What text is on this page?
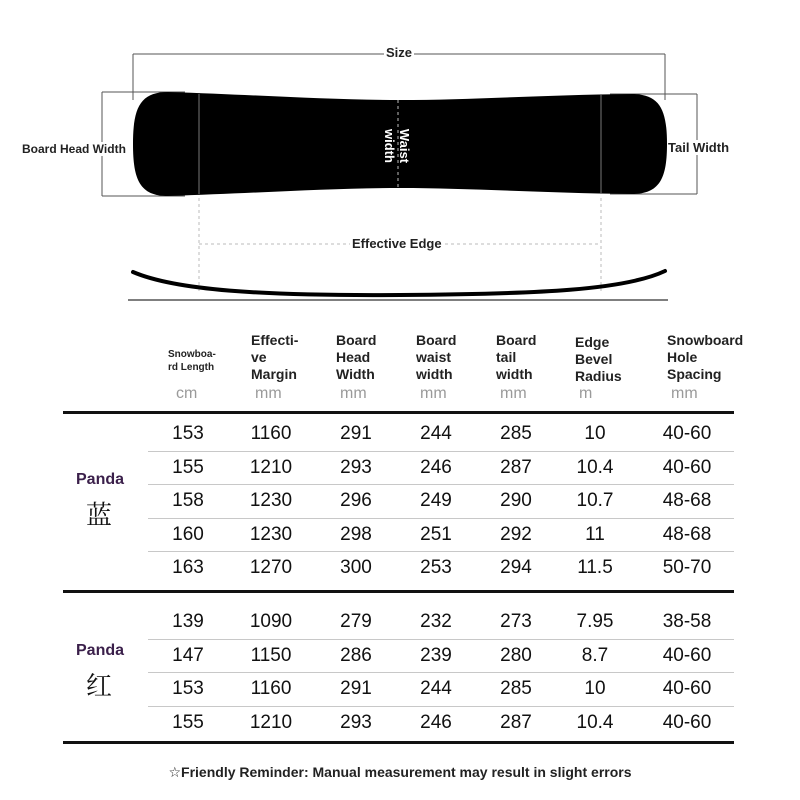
Size
Board Head Width	Tail Width
Waist
width
Effective Edge
Snowboa-
rd Length
cm
Effecti-
ve
Margin
mm
Board
Head
Width
mm
Board
waist
width
mm
Board
tail
width
mm
Edge
Bevel
Radius
m
Snowboard
Hole
Spacing
mm
Panda
蓝
153	1160	291	244	285	10	40-60
155	1210	293	246	287	10.4	40-60
158	1230	296	249	290	10.7	48-68
160	1230	298	251	292	11	48-68
163	1270	300	253	294	11.5	50-70
Panda
红
139	1090	279	232	273	7.95	38-58
147	1150	286	239	280	8.7	40-60
153	1160	291	244	285	10	40-60
155	1210	293	246	287	10.4	40-60
☆Friendly Reminder: Manual measurement may result in slight errors
